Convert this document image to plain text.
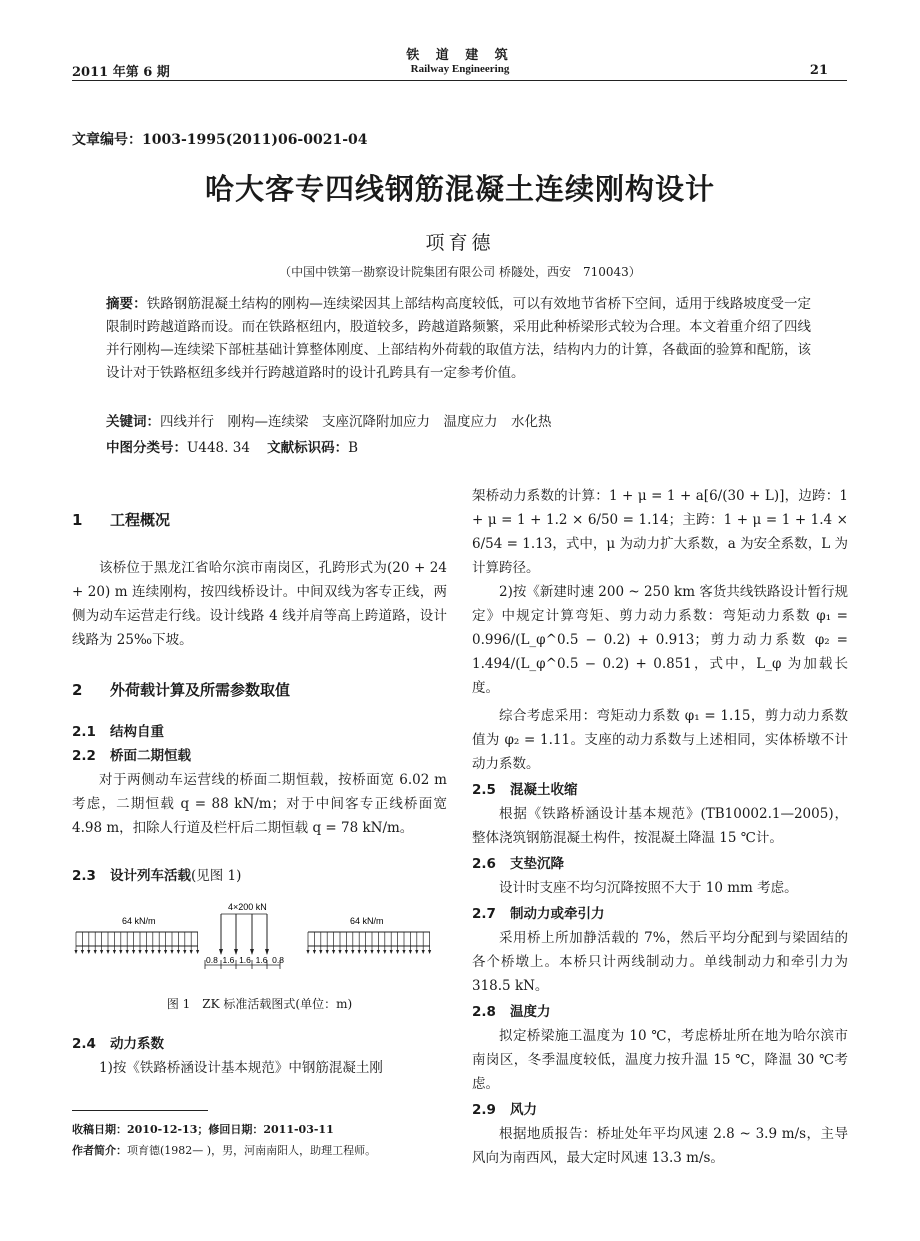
2011 年第 6 期
铁 道 建 筑
Railway Engineering	21
文章编号：1003-1995(2011)06-0021-04
哈大客专四线钢筋混凝土连续刚构设计
项育德
（中国中铁第一勘察设计院集团有限公司 桥隧处，西安　710043）
摘要：铁路钢筋混凝土结构的刚构—连续梁因其上部结构高度较低，可以有效地节省桥下空间，适用于线路坡度受一定限制时跨越道路而设。而在铁路枢纽内，股道较多，跨越道路频繁，采用此种桥梁形式较为合理。本文着重介绍了四线并行刚构—连续梁下部桩基础计算整体刚度、上部结构外荷载的取值方法，结构内力的计算，各截面的验算和配筋，该设计对于铁路枢纽多线并行跨越道路时的设计孔跨具有一定参考价值。
关键词：四线并行　刚构—连续梁　支座沉降附加应力　温度应力　水化热
中图分类号：U448. 34 文献标识码：B
1 工程概况

该桥位于黑龙江省哈尔滨市南岗区，孔跨形式为(20 + 24 + 20) m 连续刚构，按四线桥设计。中间双线为客专正线，两侧为动车运营走行线。设计线路 4 线并肩等高上跨道路，设计线路为 25‰下坡。

2 外荷载计算及所需参数取值
2.1 结构自重
2.2 桥面二期恒载

对于两侧动车运营线的桥面二期恒载，按桥面宽 6.02 m 考虑，二期恒载 q = 88 kN/m；对于中间客专正线桥面宽 4.98 m，扣除人行道及栏杆后二期恒载 q = 78 kN/m。

2.3 设计列车活载(见图 1)
64 kN/m
4×200 kN
64 kN/m
0.8  1.6  1.6  1.6  0.8
图 1　ZK 标准活载图式(单位：m)
2.4 动力系数

1)按《铁路桥涵设计基本规范》中钢筋混凝土刚

收稿日期：2010-12-13；修回日期：2011-03-11
作者简介：项育德(1982— )，男，河南南阳人，助理工程师。

架桥动力系数的计算：1 + μ = 1 + a[6/(30 + L)]，边跨：1 + μ = 1 + 1.2 × 6/50 = 1.14；主跨：1 + μ = 1 + 1.4 × 6/54 = 1.13，式中，μ 为动力扩大系数，a 为安全系数，L 为计算跨径。

2)按《新建时速 200 ~ 250 km 客货共线铁路设计暂行规定》中规定计算弯矩、剪力动力系数：弯矩动力系数 φ₁ = 0.996/(L_φ^0.5 − 0.2) + 0.913；剪力动力系数 φ₂ = 1.494/(L_φ^0.5 − 0.2) + 0.851，式中，L_φ 为加载长度。

综合考虑采用：弯矩动力系数 φ₁ = 1.15，剪力动力系数值为 φ₂ = 1.11。支座的动力系数与上述相同，实体桥墩不计动力系数。

2.5 混凝土收缩

根据《铁路桥涵设计基本规范》(TB10002.1—2005)，整体浇筑钢筋混凝土构件，按混凝土降温 15 ℃计。

2.6 支垫沉降

设计时支座不均匀沉降按照不大于 10 mm 考虑。

2.7 制动力或牵引力

采用桥上所加静活载的 7%，然后平均分配到与梁固结的各个桥墩上。本桥只计两线制动力。单线制动力和牵引力为 318.5 kN。

2.8 温度力

拟定桥梁施工温度为 10 ℃，考虑桥址所在地为哈尔滨市南岗区，冬季温度较低，温度力按升温 15 ℃，降温 30 ℃考虑。

2.9 风力

根据地质报告：桥址处年平均风速 2.8 ~ 3.9 m/s，主导风向为南西风，最大定时风速 13.3 m/s。
